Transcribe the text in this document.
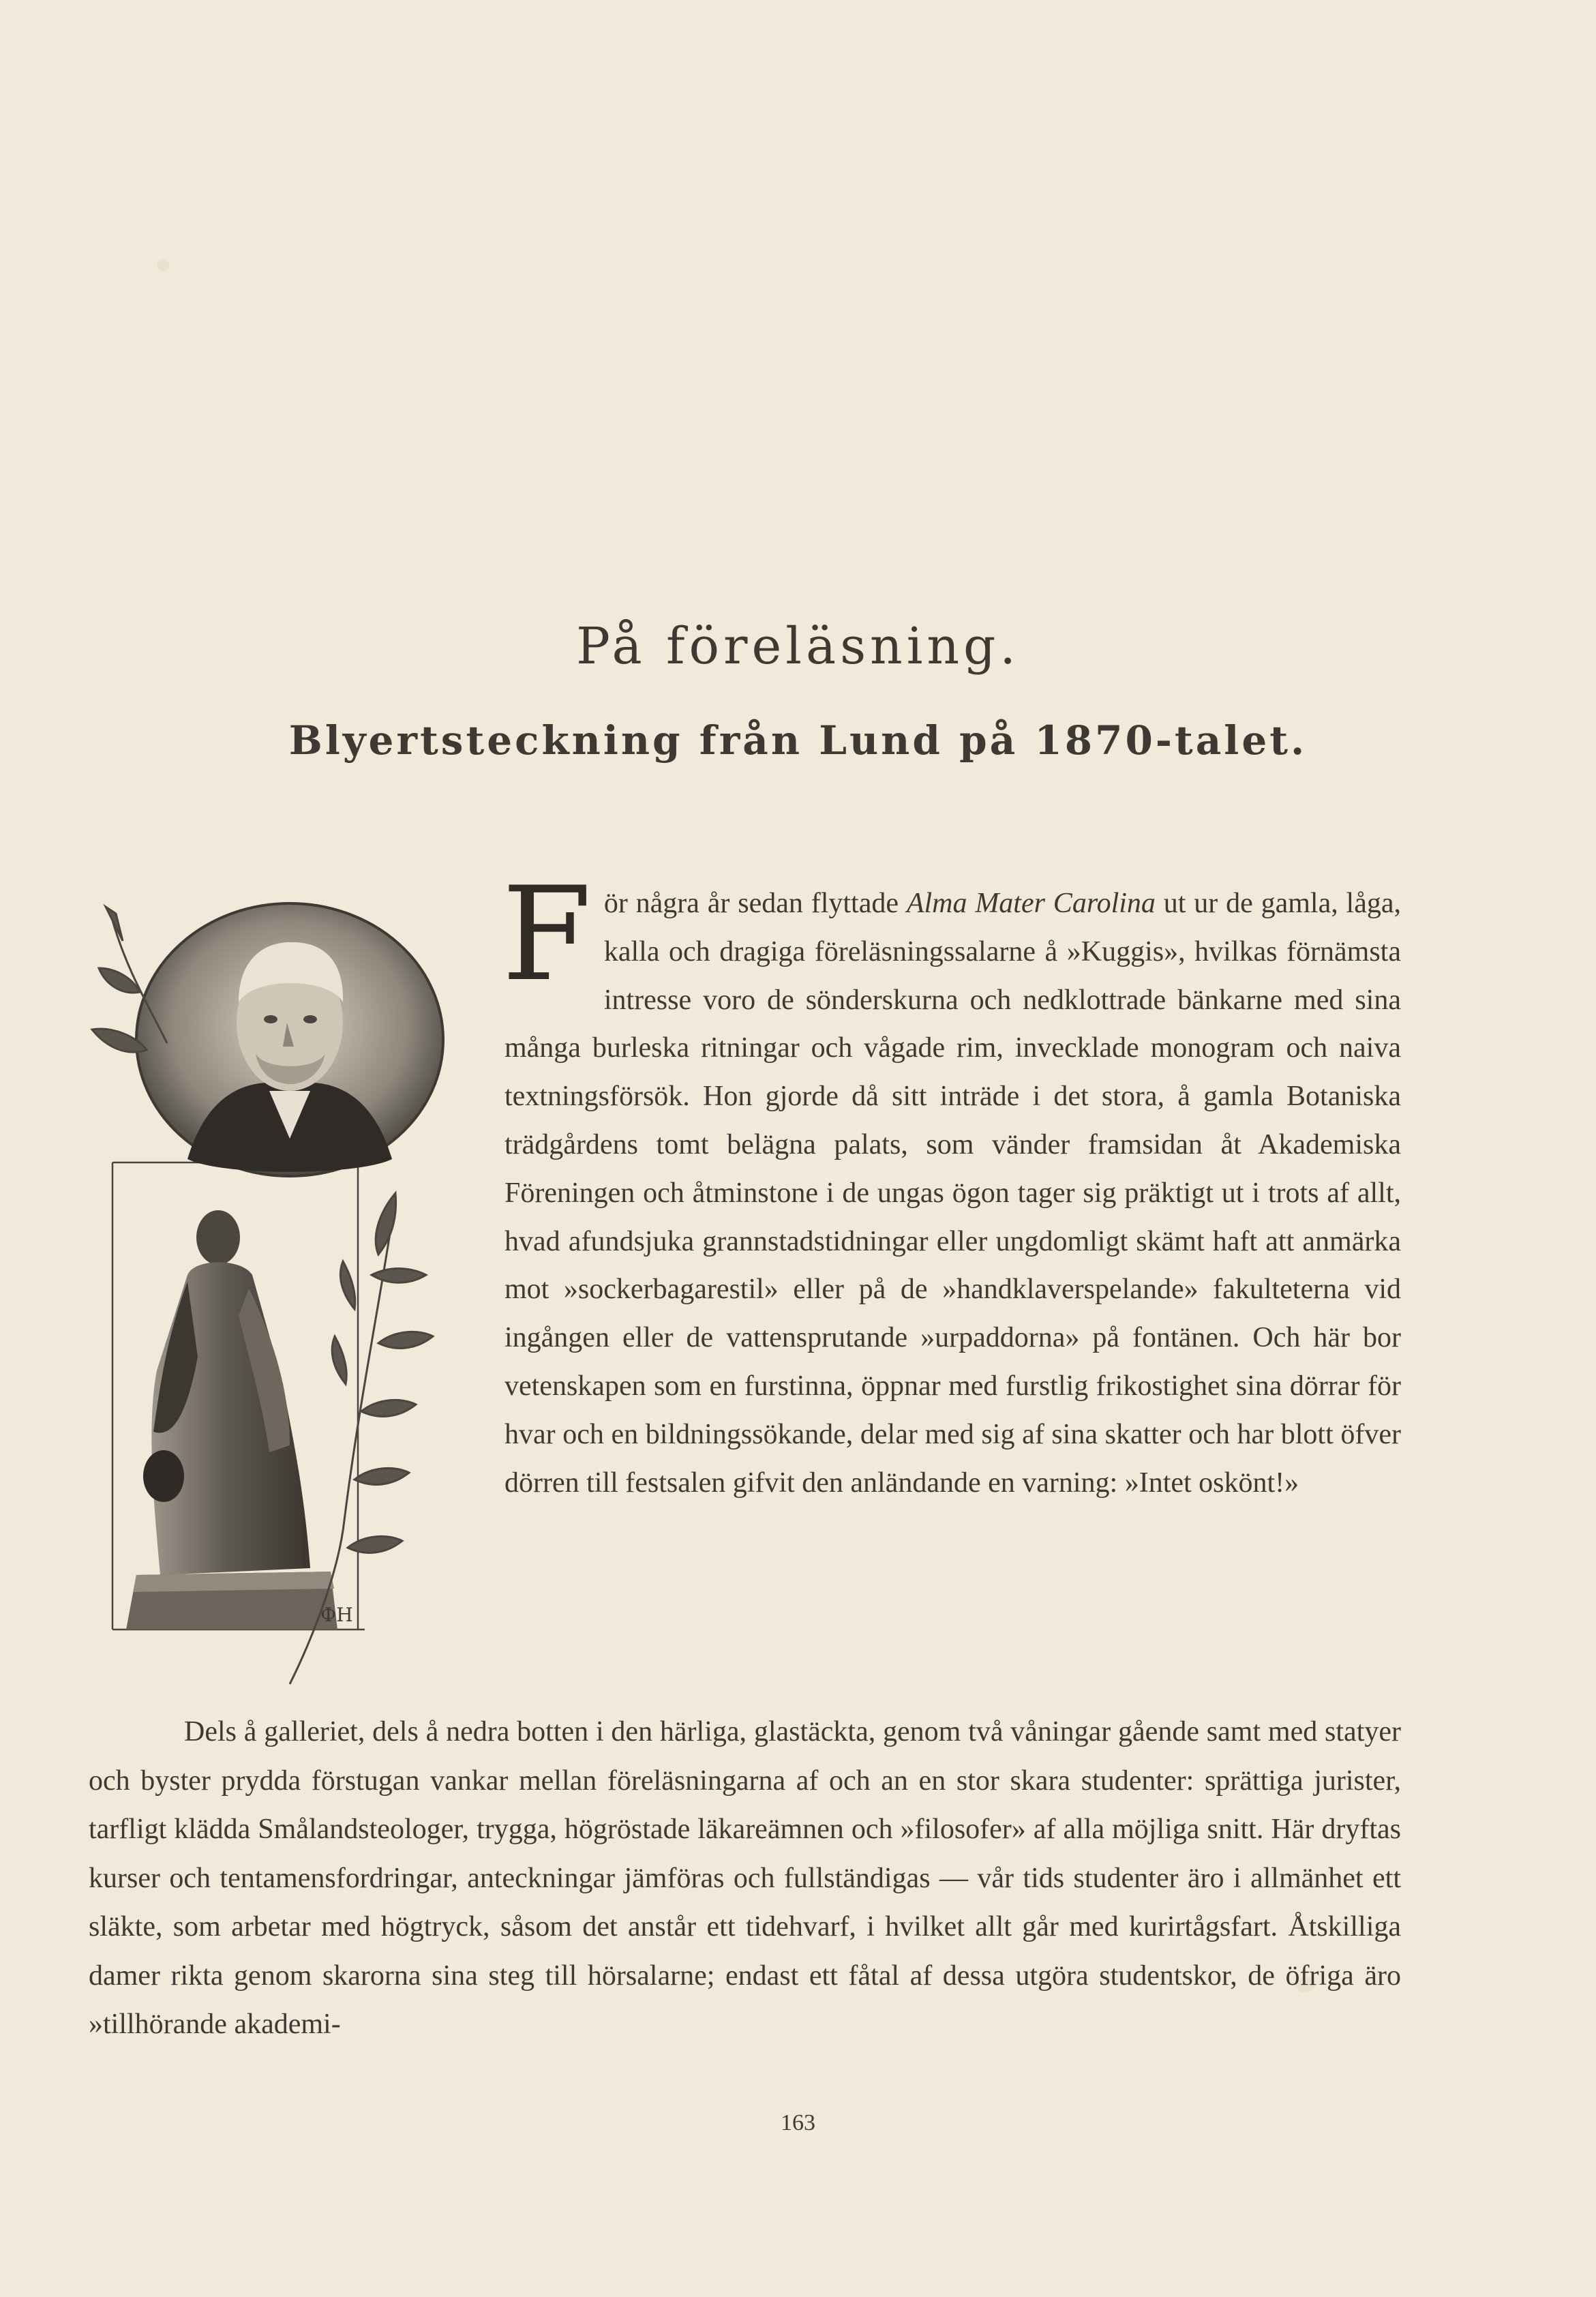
På föreläsning.
Blyertsteckning från Lund på 1870-talet.
ФН

För några år sedan flyttade Alma Mater Carolina ut ur de gamla, låga, kalla och dragiga föreläsningssalarne å »Kuggis», hvilkas förnämsta intresse voro de sönderskurna och nedklottrade bänkarne med sina många burleska ritningar och vågade rim, invecklade monogram och naiva textningsförsök. Hon gjorde då sitt inträde i det stora, å gamla Botaniska trädgårdens tomt belägna palats, som vänder framsidan åt Akademiska Föreningen och åtminstone i de ungas ögon tager sig präktigt ut i trots af allt, hvad afundsjuka grannstadstidningar eller ungdomligt skämt haft att anmärka mot »sockerbagarestil» eller på de »handklaverspelande» fakulteterna vid ingången eller de vattensprutande »urpaddorna» på fontänen. Och här bor vetenskapen som en furstinna, öppnar med furstlig frikostighet sina dörrar för hvar och en bildningssökande, delar med sig af sina skatter och har blott öfver dörren till festsalen gifvit den anländande en varning: »Intet oskönt!»

Dels å galleriet, dels å nedra botten i den härliga, glastäckta, genom två våningar gående samt med statyer och byster prydda förstugan vankar mellan föreläsningarna af och an en stor skara studenter: sprättiga jurister, tarfligt klädda Smålandsteologer, trygga, högröstade läkareämnen och »filosofer» af alla möjliga snitt. Här dryftas kurser och tentamensfordringar, anteckningar jämföras och fullständigas — vår tids studenter äro i allmänhet ett släkte, som arbetar med högtryck, såsom det anstår ett tidehvarf, i hvilket allt går med kurirtågsfart. Åtskilliga damer rikta genom skarorna sina steg till hörsalarne; endast ett fåtal af dessa utgöra studentskor, de öfriga äro »tillhörande akademi-

163
